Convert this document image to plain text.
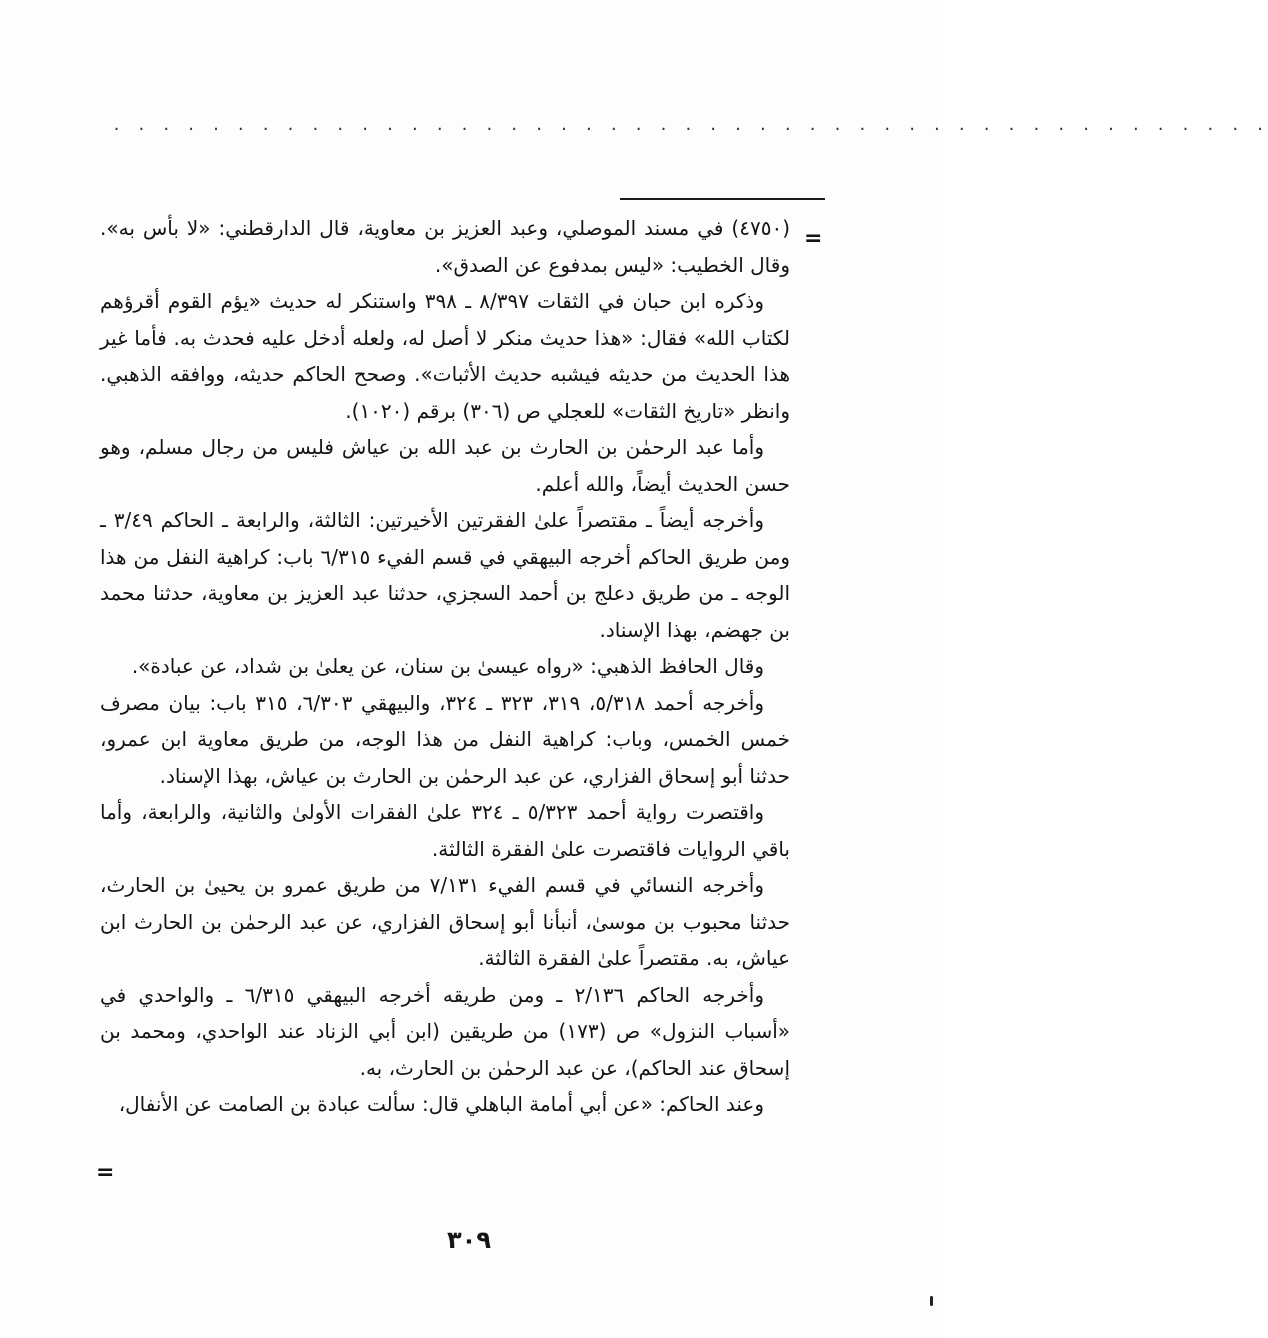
. . . . . . . . . . . . . . . . . . . . . . . . . . . . . . . . . . . . . . . . . . . . . . .
=

(٤٧٥٠) في مسند الموصلي، وعبد العزيز بن معاوية، قال الدارقطني: «لا بأس به». وقال الخطيب: «ليس بمدفوع عن الصدق».

وذكره ابن حبان في الثقات ٨/٣٩٧ ـ ٣٩٨ واستنكر له حديث «يؤم القوم أقرؤهم لكتاب الله» فقال: «هذا حديث منكر لا أصل له، ولعله أدخل عليه فحدث به. فأما غير هذا الحديث من حديثه فيشبه حديث الأثبات». وصحح الحاكم حديثه، ووافقه الذهبي. وانظر «تاريخ الثقات» للعجلي ص (٣٠٦) برقم (١٠٢٠).

وأما عبد الرحمٰن بن الحارث بن عبد الله بن عياش فليس من رجال مسلم، وهو حسن الحديث أيضاً، والله أعلم.

وأخرجه أيضاً ـ مقتصراً علىٰ الفقرتين الأخيرتين: الثالثة، والرابعة ـ الحاكم ٣/٤٩ ـ ومن طريق الحاكم أخرجه البيهقي في قسم الفيء ٦/٣١٥ باب: كراهية النفل من هذا الوجه ـ من طريق دعلج بن أحمد السجزي، حدثنا عبد العزيز بن معاوية، حدثنا محمد بن جهضم، بهذا الإسناد.

وقال الحافظ الذهبي: «رواه عيسىٰ بن سنان، عن يعلىٰ بن شداد، عن عبادة».

وأخرجه أحمد ٥/٣١٨، ٣١٩، ٣٢٣ ـ ٣٢٤، والبيهقي ٦/٣٠٣، ٣١٥ باب: بيان مصرف خمس الخمس، وباب: كراهية النفل من هذا الوجه، من طريق معاوية ابن عمرو، حدثنا أبو إسحاق الفزاري، عن عبد الرحمٰن بن الحارث بن عياش، بهذا الإسناد.

واقتصرت رواية أحمد ٥/٣٢٣ ـ ٣٢٤ علىٰ الفقرات الأولىٰ والثانية، والرابعة، وأما باقي الروايات فاقتصرت علىٰ الفقرة الثالثة.

وأخرجه النسائي في قسم الفيء ٧/١٣١ من طريق عمرو بن يحيىٰ بن الحارث، حدثنا محبوب بن موسىٰ، أنبأنا أبو إسحاق الفزاري، عن عبد الرحمٰن بن الحارث ابن عياش، به. مقتصراً علىٰ الفقرة الثالثة.

وأخرجه الحاكم ٢/١٣٦ ـ ومن طريقه أخرجه البيهقي ٦/٣١٥ ـ والواحدي في «أسباب النزول» ص (١٧٣) من طريقين (ابن أبي الزناد عند الواحدي، ومحمد بن إسحاق عند الحاكم)، عن عبد الرحمٰن بن الحارث، به.

وعند الحاكم: «عن أبي أمامة الباهلي قال: سألت عبادة بن الصامت عن الأنفال،

=
٣٠٩
